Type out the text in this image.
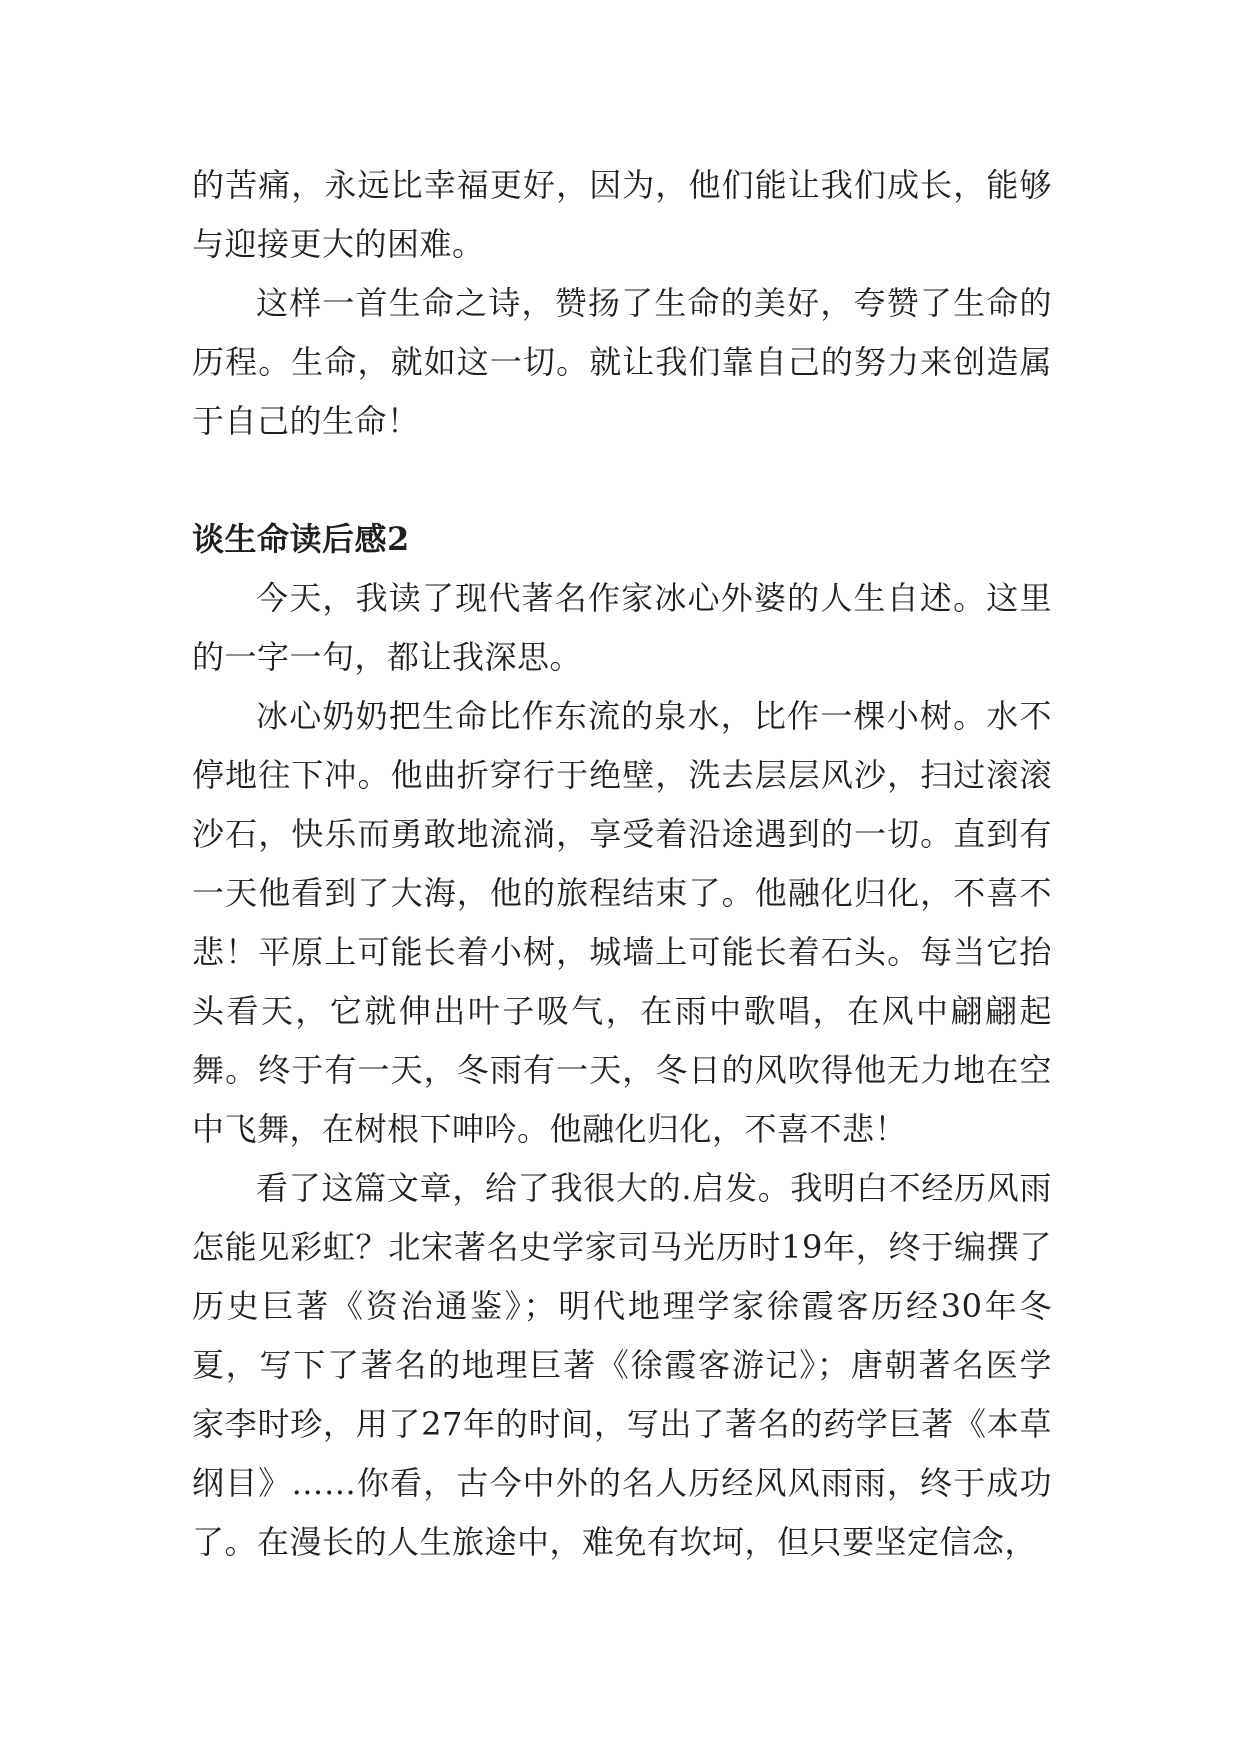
的苦痛，永远比幸福更好，因为，他们能让我们成长，能够与迎接更大的困难。

这样一首生命之诗，赞扬了生命的美好，夸赞了生命的历程。生命，就如这一切。就让我们靠自己的努力来创造属于自己的生命！

谈生命读后感2

今天，我读了现代著名作家冰心外婆的人生自述。这里的一字一句，都让我深思。

冰心奶奶把生命比作东流的泉水，比作一棵小树。水不停地往下冲。他曲折穿行于绝壁，洗去层层风沙，扫过滚滚沙石，快乐而勇敢地流淌，享受着沿途遇到的一切。直到有一天他看到了大海，他的旅程结束了。他融化归化，不喜不悲！平原上可能长着小树，城墙上可能长着石头。每当它抬头看天，它就伸出叶子吸气，在雨中歌唱，在风中翩翩起舞。终于有一天，冬雨有一天，冬日的风吹得他无力地在空中飞舞，在树根下呻吟。他融化归化，不喜不悲！

看了这篇文章，给了我很大的.启发。我明白不经历风雨怎能见彩虹？北宋著名史学家司马光历时19年，终于编撰了历史巨著《资治通鉴》；明代地理学家徐霞客历经30年冬夏，写下了著名的地理巨著《徐霞客游记》；唐朝著名医学家李时珍，用了27年的时间，写出了著名的药学巨著《本草纲目》……你看，古今中外的名人历经风风雨雨，终于成功了。在漫长的人生旅途中，难免有坎坷，但只要坚定信念，
